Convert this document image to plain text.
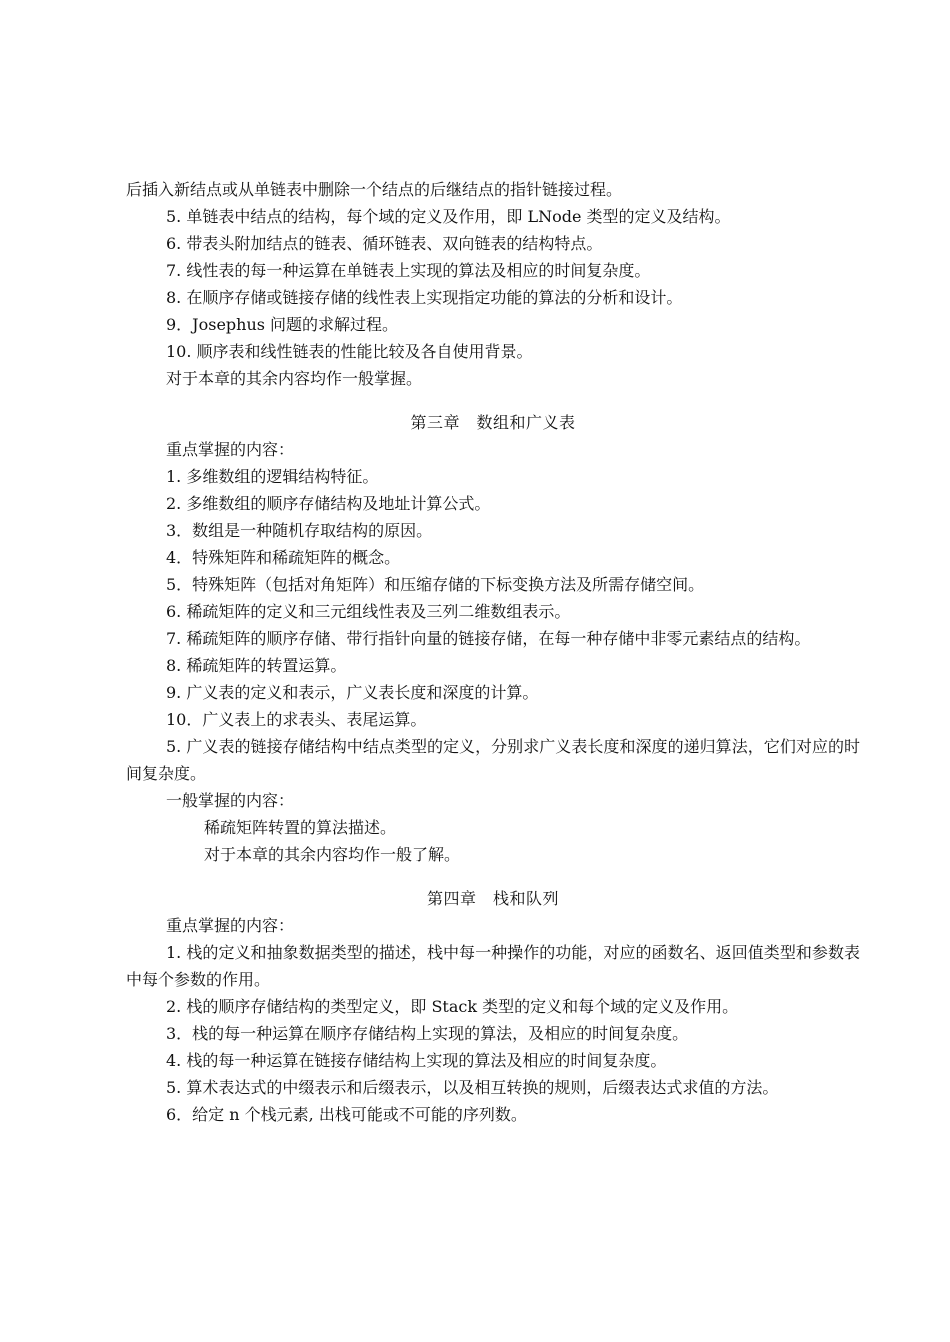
后插入新结点或从单链表中删除一个结点的后继结点的指针链接过程。
5. 单链表中结点的结构，每个域的定义及作用，即 LNode 类型的定义及结构。
6. 带表头附加结点的链表、循环链表、双向链表的结构特点。
7. 线性表的每一种运算在单链表上实现的算法及相应的时间复杂度。
8. 在顺序存储或链接存储的线性表上实现指定功能的算法的分析和设计。
9．Josephus 问题的求解过程。
10. 顺序表和线性链表的性能比较及各自使用背景。
对于本章的其余内容均作一般掌握。
第三章　数组和广义表
重点掌握的内容：
1. 多维数组的逻辑结构特征。
2. 多维数组的顺序存储结构及地址计算公式。
3．数组是一种随机存取结构的原因。
4．特殊矩阵和稀疏矩阵的概念。
5．特殊矩阵（包括对角矩阵）和压缩存储的下标变换方法及所需存储空间。
6. 稀疏矩阵的定义和三元组线性表及三列二维数组表示。
7. 稀疏矩阵的顺序存储、带行指针向量的链接存储，在每一种存储中非零元素结点的结构。
8. 稀疏矩阵的转置运算。
9. 广义表的定义和表示，广义表长度和深度的计算。
10．广义表上的求表头、表尾运算。
5. 广义表的链接存储结构中结点类型的定义，分别求广义表长度和深度的递归算法，它们对应的时间复杂度。
一般掌握的内容：
稀疏矩阵转置的算法描述。
对于本章的其余内容均作一般了解。
第四章　栈和队列
重点掌握的内容：
1. 栈的定义和抽象数据类型的描述，栈中每一种操作的功能，对应的函数名、返回值类型和参数表中每个参数的作用。
2. 栈的顺序存储结构的类型定义，即 Stack 类型的定义和每个域的定义及作用。
3．栈的每一种运算在顺序存储结构上实现的算法，及相应的时间复杂度。
4. 栈的每一种运算在链接存储结构上实现的算法及相应的时间复杂度。
5. 算术表达式的中缀表示和后缀表示，以及相互转换的规则，后缀表达式求值的方法。
6．给定 n 个栈元素, 出栈可能或不可能的序列数。
